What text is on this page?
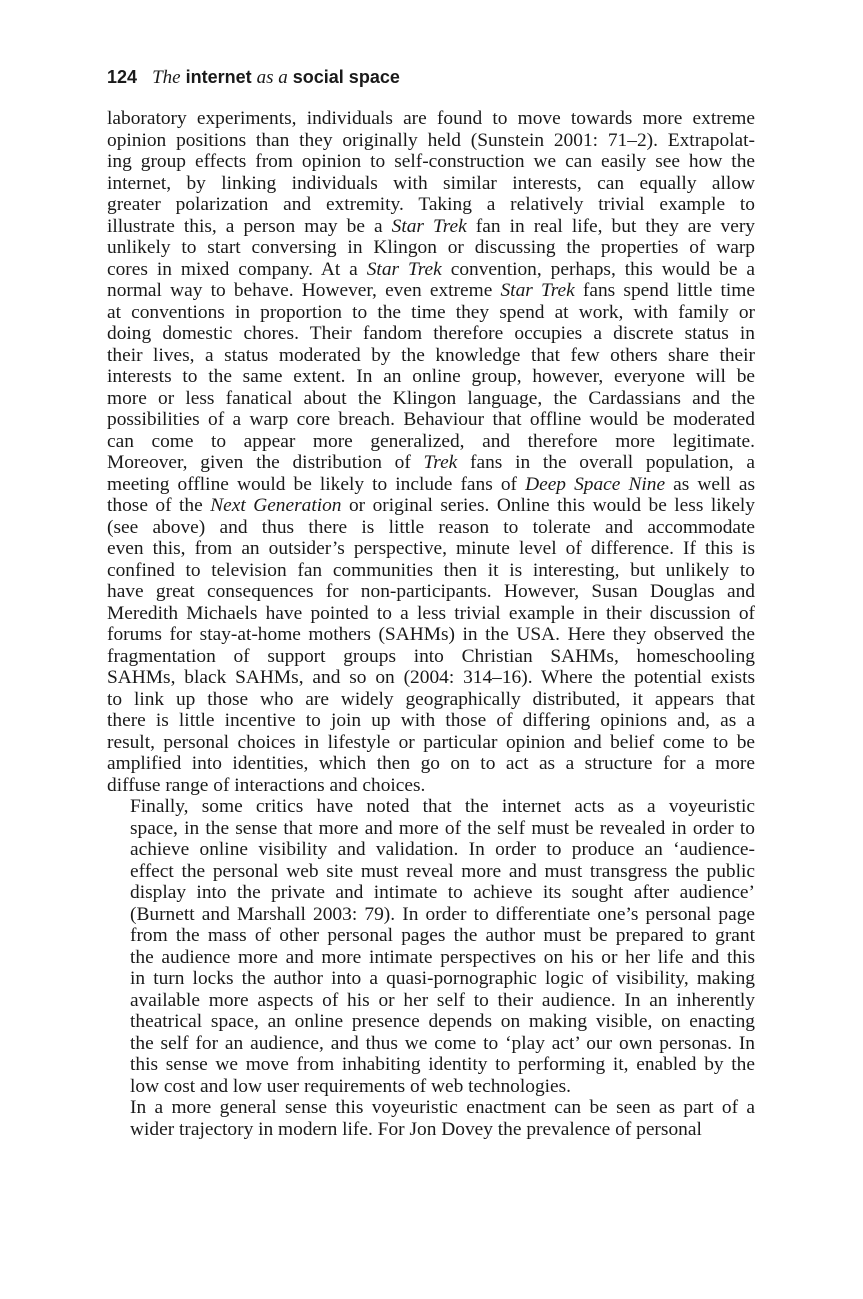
124 The internet as a social space

laboratory experiments, individuals are found to move towards more extreme
opinion positions than they originally held (Sunstein 2001: 71–2). Extrapolat-
ing group effects from opinion to self-construction we can easily see how the
internet, by linking individuals with similar interests, can equally allow
greater polarization and extremity. Taking a relatively trivial example to
illustrate this, a person may be a Star Trek fan in real life, but they are very
unlikely to start conversing in Klingon or discussing the properties of warp
cores in mixed company. At a Star Trek convention, perhaps, this would be a
normal way to behave. However, even extreme Star Trek fans spend little time
at conventions in proportion to the time they spend at work, with family or
doing domestic chores. Their fandom therefore occupies a discrete status in
their lives, a status moderated by the knowledge that few others share their
interests to the same extent. In an online group, however, everyone will be
more or less fanatical about the Klingon language, the Cardassians and the
possibilities of a warp core breach. Behaviour that offline would be moderated
can come to appear more generalized, and therefore more legitimate.
Moreover, given the distribution of Trek fans in the overall population, a
meeting offline would be likely to include fans of Deep Space Nine as well as
those of the Next Generation or original series. Online this would be less likely
(see above) and thus there is little reason to tolerate and accommodate
even this, from an outsider’s perspective, minute level of difference. If this is
confined to television fan communities then it is interesting, but unlikely to
have great consequences for non-participants. However, Susan Douglas and
Meredith Michaels have pointed to a less trivial example in their discussion of
forums for stay-at-home mothers (SAHMs) in the USA. Here they observed the
fragmentation of support groups into Christian SAHMs, homeschooling
SAHMs, black SAHMs, and so on (2004: 314–16). Where the potential exists
to link up those who are widely geographically distributed, it appears that
there is little incentive to join up with those of differing opinions and, as a
result, personal choices in lifestyle or particular opinion and belief come to be
amplified into identities, which then go on to act as a structure for a more
diffuse range of interactions and choices.

Finally, some critics have noted that the internet acts as a voyeuristic
space, in the sense that more and more of the self must be revealed in order to
achieve online visibility and validation. In order to produce an ‘audience-
effect the personal web site must reveal more and must transgress the public
display into the private and intimate to achieve its sought after audience’
(Burnett and Marshall 2003: 79). In order to differentiate one’s personal page
from the mass of other personal pages the author must be prepared to grant
the audience more and more intimate perspectives on his or her life and this
in turn locks the author into a quasi-pornographic logic of visibility, making
available more aspects of his or her self to their audience. In an inherently
theatrical space, an online presence depends on making visible, on enacting
the self for an audience, and thus we come to ‘play act’ our own personas. In
this sense we move from inhabiting identity to performing it, enabled by the
low cost and low user requirements of web technologies.

In a more general sense this voyeuristic enactment can be seen as part of a
wider trajectory in modern life. For Jon Dovey the prevalence of personal
